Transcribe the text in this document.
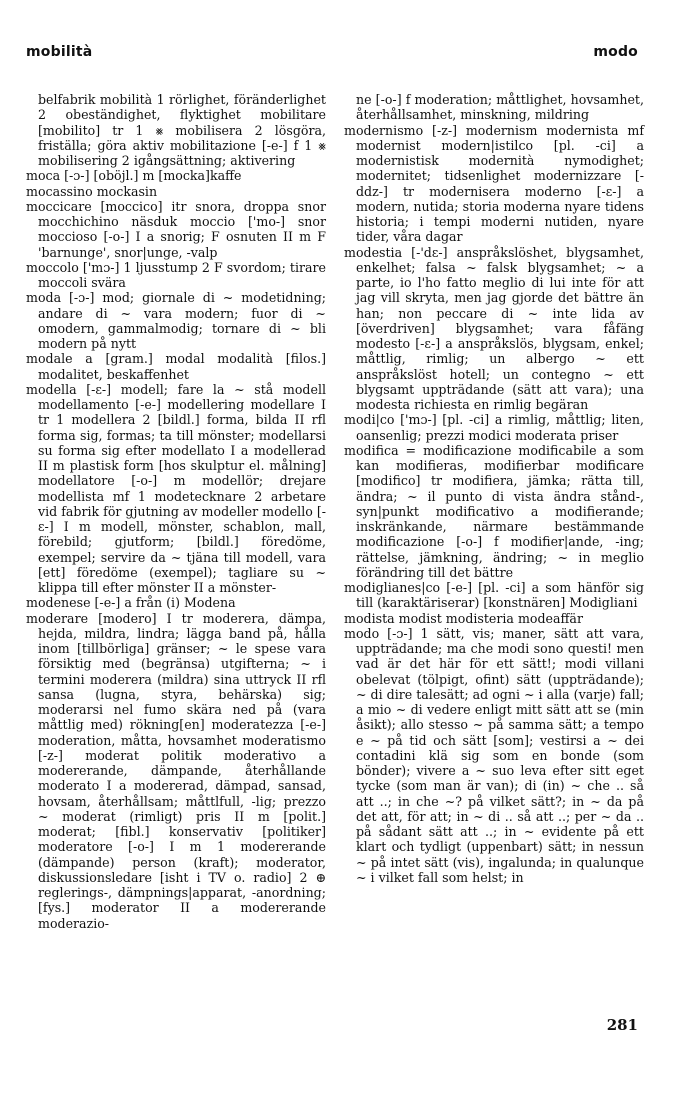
mobilità	modo

belfabrik mobilità 1 rörlighet, föränderlighet 2 obeständighet, flyktighet mobilitare [mobilito] tr 1 ⨳ mobilisera 2 lösgöra, friställa; göra aktiv mobilitazione [-e-] f 1 ⨳ mobilisering 2 igångsättning; aktivering

moca [-ɔ-] [oböjl.] m [mocka]kaffe

mocassino mockasin

moccicare [moccico] itr snora, droppa snor mocchichino näsduk moccio ['mo-] snor moccioso [-o-] I a snorig; F osnuten II m F 'barnunge', snor|unge, -valp

moccolo ['mɔ-] 1 ljusstump 2 F svordom; tirare moccoli svära

moda [-ɔ-] mod; giornale di ~ modetidning; andare di ~ vara modern; fuor di ~ omodern, gammalmodig; tornare di ~ bli modern på nytt

modale a [gram.] modal modalità [filos.] modalitet, beskaffenhet

modella [-ɛ-] modell; fare la ~ stå modell modellamento [-e-] modellering modellare I tr 1 modellera 2 [bildl.] forma, bilda II rfl forma sig, formas; ta till mönster; modellarsi su forma sig efter modellato I a modellerad II m plastisk form [hos skulptur el. målning] modellatore [-o-] m modellör; drejare modellista mf 1 modetecknare 2 arbetare vid fabrik för gjutning av modeller modello [-ɛ-] I m modell, mönster, schablon, mall, förebild; gjutform; [bildl.] föredöme, exempel; servire da ~ tjäna till modell, vara [ett] föredöme (exempel); tagliare su ~ klippa till efter mönster II a mönster-

modenese [-e-] a från (i) Modena

moderare [modero] I tr moderera, dämpa, hejda, mildra, lindra; lägga band på, hålla inom [tillbörliga] gränser; ~ le spese vara försiktig med (begränsa) utgifterna; ~ i termini moderera (mildra) sina uttryck II rfl sansa (lugna, styra, behärska) sig; moderarsi nel fumo skära ned på (vara måttlig med) rökning[en] moderatezza [-e-] moderation, måtta, hovsamhet moderatismo [-z-] moderat politik moderativo a modererande, dämpande, återhållande moderato I a modererad, dämpad, sansad, hovsam, återhållsam; måttlfull, -lig; prezzo ~ moderat (rimligt) pris II m [polit.] moderat; [fibl.] konservativ [politiker] moderatore [-o-] I m 1 modererande (dämpande) person (kraft); moderator, diskussionsledare [isht i TV o. radio] 2 ⊕ reglerings-, dämpnings|apparat, -anordning; [fys.] moderator II a modererande moderazio-

ne [-o-] f moderation; måttlighet, hovsamhet, återhållsamhet, minskning, mildring

modernismo [-z-] modernism modernista mf modernist modern|istilco [pl. -ci] a modernistisk modernità nymodighet; modernitet; tidsenlighet modernizzare [-ddz-] tr modernisera moderno [-ɛ-] a modern, nutida; storia moderna nyare tidens historia; i tempi moderni nutiden, nyare tider, våra dagar

modestia [-'dɛ-] anspråkslöshet, blygsamhet, enkelhet; falsa ~ falsk blygsamhet; ~ a parte, io l'ho fatto meglio di lui inte för att jag vill skryta, men jag gjorde det bättre än han; non peccare di ~ inte lida av [överdriven] blygsamhet; vara fåfäng modesto [-ɛ-] a anspråkslös, blygsam, enkel; måttlig, rimlig; un albergo ~ ett anspråkslöst hotell; un contegno ~ ett blygsamt uppträdande (sätt att vara); una modesta richiesta en rimlig begäran

modi|co ['mɔ-] [pl. -ci] a rimlig, måttlig; liten, oansenlig; prezzi modici moderata priser

modifica = modificazione modificabile a som kan modifieras, modifierbar modificare [modifico] tr modifiera, jämka; rätta till, ändra; ~ il punto di vista ändra stånd-, syn|punkt modificativo a modifierande; inskränkande, närmare bestämmande modificazione [-o-] f modifier|ande, -ing; rättelse, jämkning, ändring; ~ in meglio förändring till det bättre

modiglianes|co [-e-] [pl. -ci] a som hänför sig till (karaktäriserar) [konstnären] Modigliani

modista modist modisteria modeaffär

modo [-ɔ-] 1 sätt, vis; maner, sätt att vara, uppträdande; ma che modi sono questi! men vad är det här för ett sätt!; modi villani obelevat (tölpigt, ofint) sätt (uppträdande); ~ di dire talesätt; ad ogni ~ i alla (varje) fall; a mio ~ di vedere enligt mitt sätt att se (min åsikt); allo stesso ~ på samma sätt; a tempo e ~ på tid och sätt [som]; vestirsi a ~ dei contadini klä sig som en bonde (som bönder); vivere a ~ suo leva efter sitt eget tycke (som man är van); di (in) ~ che .. så att ..; in che ~? på vilket sätt?; in ~ da på det att, för att; in ~ di .. så att ..; per ~ da .. på sådant sätt att ..; in ~ evidente på ett klart och tydligt (uppenbart) sätt; in nessun ~ på intet sätt (vis), ingalunda; in qualunque ~ i vilket fall som helst; in

281
